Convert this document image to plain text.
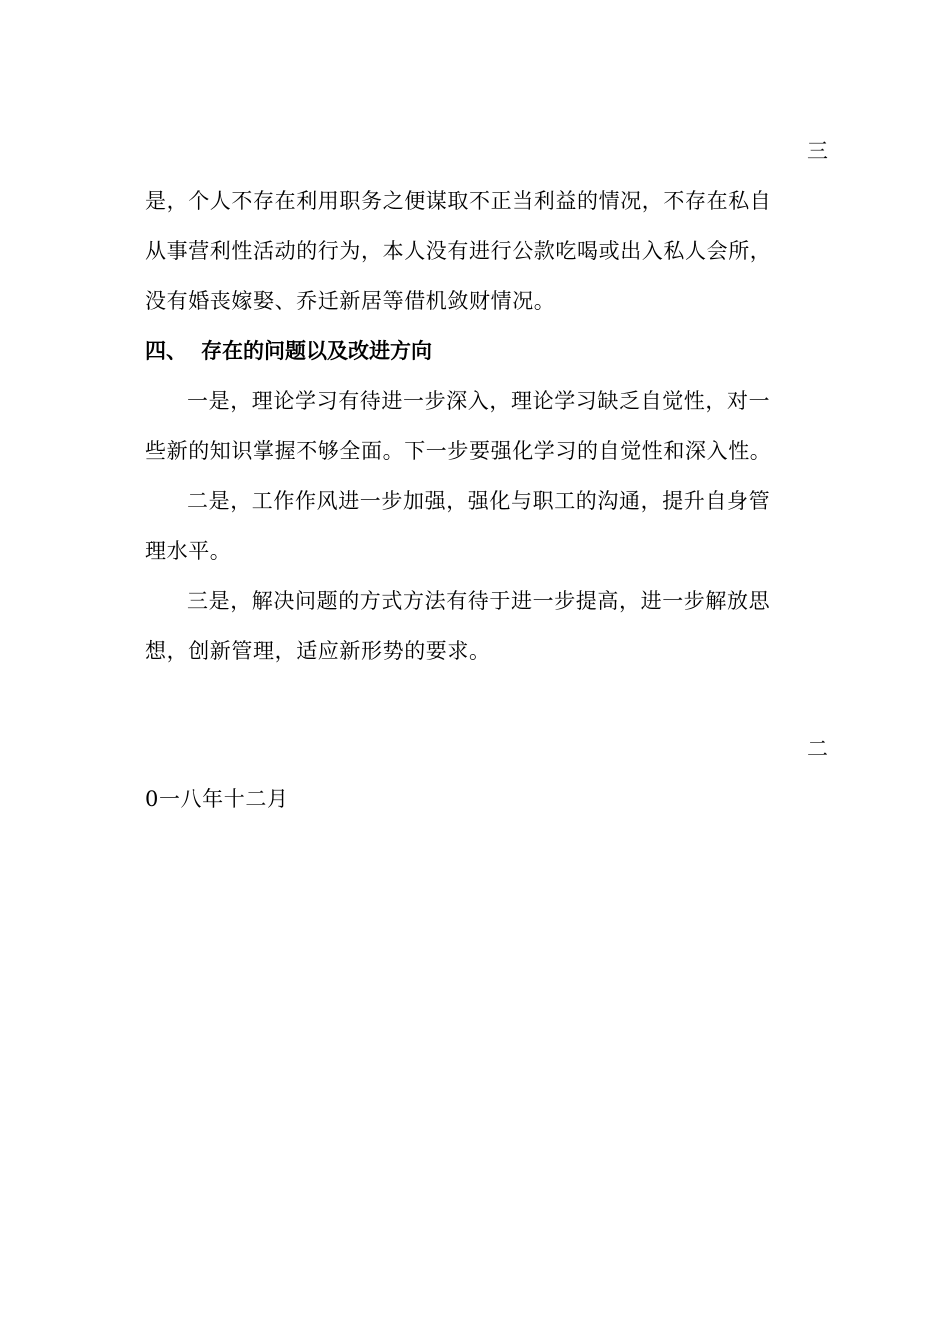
三
是，个人不存在利用职务之便谋取不正当利益的情况，不存在私自
从事营利性活动的行为，本人没有进行公款吃喝或出入私人会所，
没有婚丧嫁娶、乔迁新居等借机敛财情况。
四、 存在的问题以及改进方向
一是，理论学习有待进一步深入，理论学习缺乏自觉性，对一
些新的知识掌握不够全面。下一步要强化学习的自觉性和深入性。
二是，工作作风进一步加强，强化与职工的沟通，提升自身管
理水平。
三是，解决问题的方式方法有待于进一步提高，进一步解放思
想，创新管理，适应新形势的要求。
二
0一八年十二月
